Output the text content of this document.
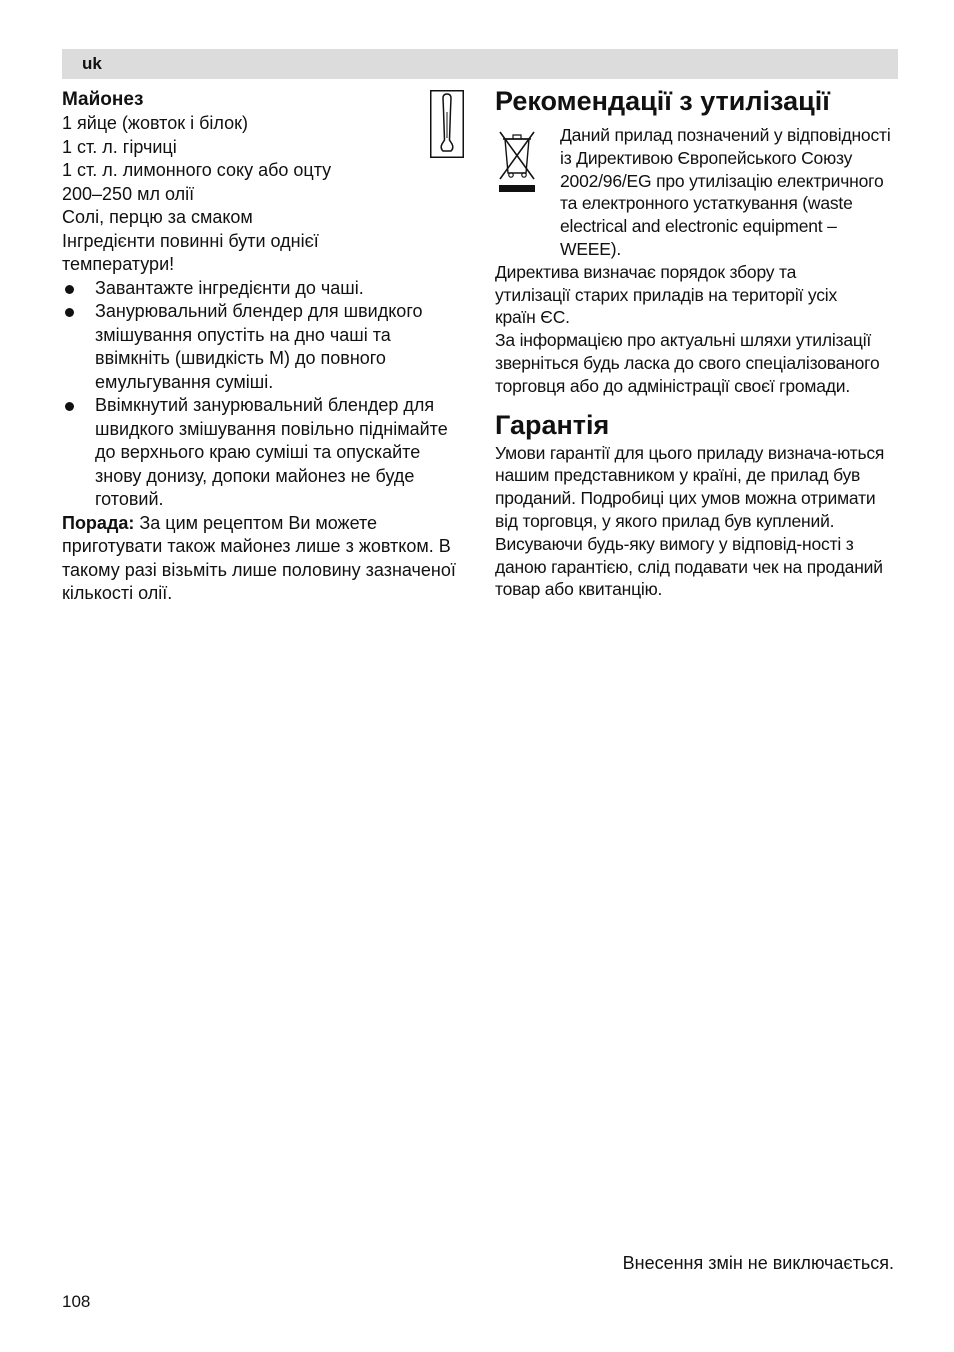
uk

Майонез

1 яйце (жовток і білок)

1 ст. л. гірчиці

1 ст. л. лимонного соку або оцту

200–250 мл олії

Солі, перцю за смаком

Інгредієнти повинні бути однієї температури!

Завантажте інгредієнти до чаші.
Занурювальний блендер для швидкого змішування опустіть на дно чаші та ввімкніть (швидкість M) до повного емульгування суміші.
Ввімкнутий занурювальний блендер для швидкого змішування повільно піднімайте до верхнього краю суміші та опускайте знову донизу, допоки майонез не буде готовий.

Порада: За цим рецептом Ви можете приготувати також майонез лише з жовтком. В такому разі візьміть лише половину зазначеної кількості олії.

Рекомендації з утилізації

Даний прилад позначений у відповідності із Директивою Європейського Союзу 2002/96/EG про утилізацію електричного та електронного устаткування (waste electrical and electronic equipment – WEEE).

Директива визначає порядок збору та утилізації старих приладів на території усіх країн ЄС.

За інформацією про актуальні шляхи утилізації зверніться будь ласка до свого спеціалізованого торговця або до адміністрації своєї громади.

Гарантія

Умови гарантії для цього приладу визнача-ються нашим представником у країні, де прилад був проданий. Подробиці цих умов можна отримати від торговця, у якого прилад був куплений.

Висуваючи будь-яку вимогу у відповід-ності з даною гарантією, слід подавати чек на проданий товар або квитанцію.

Внесення змін не виключається.
108
